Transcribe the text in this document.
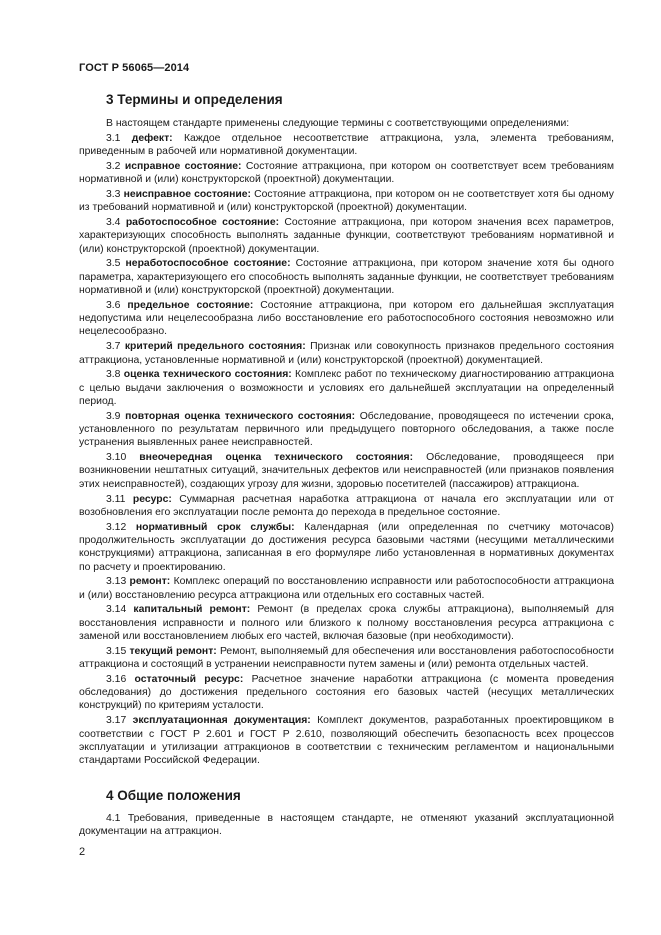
ГОСТ Р 56065—2014
3 Термины и определения

В настоящем стандарте применены следующие термины с соответствующими определениями:

3.1 дефект: Каждое отдельное несоответствие аттракциона, узла, элемента требованиям, приведенным в рабочей или нормативной документации.

3.2 исправное состояние: Состояние аттракциона, при котором он соответствует всем требованиям нормативной и (или) конструкторской (проектной) документации.

3.3 неисправное состояние: Состояние аттракциона, при котором он не соответствует хотя бы одному из требований нормативной и (или) конструкторской (проектной) документации.

3.4 работоспособное состояние: Состояние аттракциона, при котором значения всех параметров, характеризующих способность выполнять заданные функции, соответствуют требованиям нормативной и (или) конструкторской (проектной) документации.

3.5 неработоспособное состояние: Состояние аттракциона, при котором значение хотя бы одного параметра, характеризующего его способность выполнять заданные функции, не соответствует требованиям нормативной и (или) конструкторской (проектной) документации.

3.6 предельное состояние: Состояние аттракциона, при котором его дальнейшая эксплуатация недопустима или нецелесообразна либо восстановление его работоспособного состояния невозможно или нецелесообразно.

3.7 критерий предельного состояния: Признак или совокупность признаков предельного состояния аттракциона, установленные нормативной и (или) конструкторской (проектной) документацией.

3.8 оценка технического состояния: Комплекс работ по техническому диагностированию аттракциона с целью выдачи заключения о возможности и условиях его дальнейшей эксплуатации на определенный период.

3.9 повторная оценка технического состояния: Обследование, проводящееся по истечении срока, установленного по результатам первичного или предыдущего повторного обследования, а также после устранения выявленных ранее неисправностей.

3.10 внеочередная оценка технического состояния: Обследование, проводящееся при возникновении нештатных ситуаций, значительных дефектов или неисправностей (или признаков появления этих неисправностей), создающих угрозу для жизни, здоровью посетителей (пассажиров) аттракциона.

3.11 ресурс: Суммарная расчетная наработка аттракциона от начала его эксплуатации или от возобновления его эксплуатации после ремонта до перехода в предельное состояние.

3.12 нормативный срок службы: Календарная (или определенная по счетчику моточасов) продолжительность эксплуатации до достижения ресурса базовыми частями (несущими металлическими конструкциями) аттракциона, записанная в его формуляре либо установленная в нормативных документах по расчету и проектированию.

3.13 ремонт: Комплекс операций по восстановлению исправности или работоспособности аттракциона и (или) восстановлению ресурса аттракциона или отдельных его составных частей.

3.14 капитальный ремонт: Ремонт (в пределах срока службы аттракциона), выполняемый для восстановления исправности и полного или близкого к полному восстановления ресурса аттракциона с заменой или восстановлением любых его частей, включая базовые (при необходимости).

3.15 текущий ремонт: Ремонт, выполняемый для обеспечения или восстановления работоспособности аттракциона и состоящий в устранении неисправности путем замены и (или) ремонта отдельных частей.

3.16 остаточный ресурс: Расчетное значение наработки аттракциона (с момента проведения обследования) до достижения предельного состояния его базовых частей (несущих металлических конструкций) по критериям усталости.

3.17 эксплуатационная документация: Комплект документов, разработанных проектировщиком в соответствии с ГОСТ Р 2.601 и ГОСТ Р 2.610, позволяющий обеспечить безопасность всех процессов эксплуатации и утилизации аттракционов в соответствии с техническим регламентом и национальными стандартами Российской Федерации.

4 Общие положения

4.1 Требования, приведенные в настоящем стандарте, не отменяют указаний эксплуатационной документации на аттракцион.

2
